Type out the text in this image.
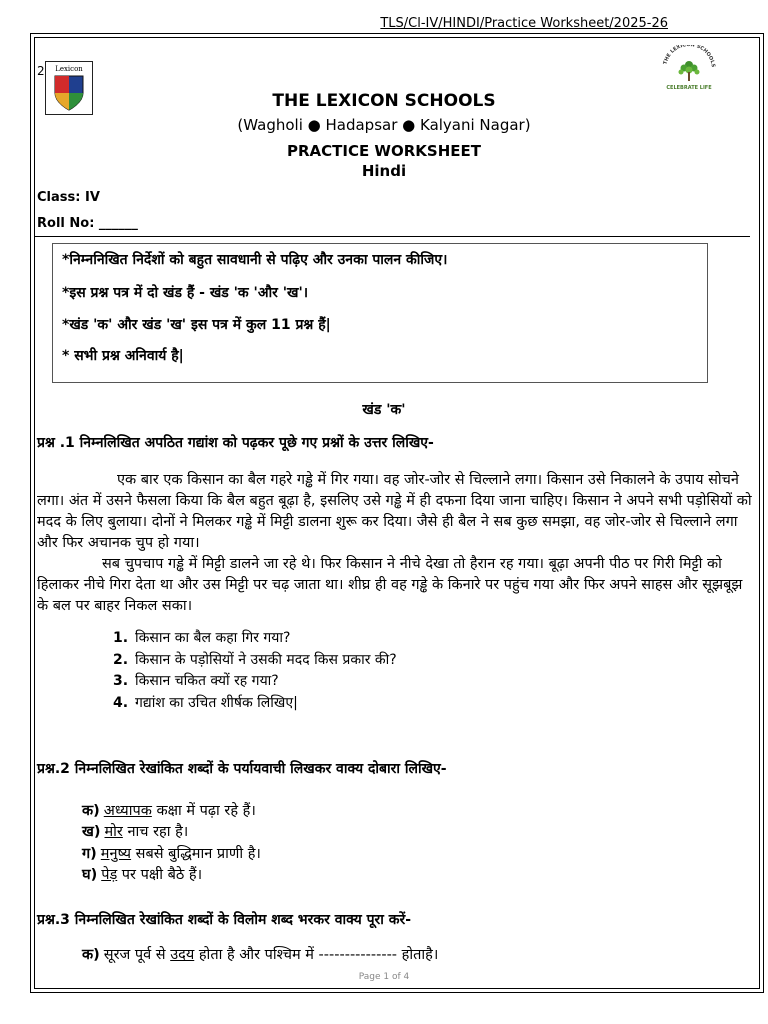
TLS/Cl-IV/HINDI/Practice Worksheet/2025-26
2	Lexicon
THE LEXICON SCHOOLS
CELEBRATE LIFE
THE LEXICON SCHOOLS
(Wagholi ● Hadapsar ● Kalyani Nagar)
PRACTICE WORKSHEET
Hindi
Class: IV
Roll No: ______
*निम्ननिखित निर्देशों को बहुत सावधानी से पढ़िए और उनका पालन कीजिए।
*इस प्रश्न पत्र में दो खंड हैं - खंड 'क 'और 'ख'।
*खंड 'क' और खंड 'ख' इस पत्र में कुल 11 प्रश्न हैं|
* सभी प्रश्न अनिवार्य है|
खंड 'क'
प्रश्न .1 निम्नलिखित अपठित गद्यांश को पढ़कर पूछे गए प्रश्नों के उत्तर लिखिए-

एक बार एक किसान का बैल गहरे गड्ढे में गिर गया। वह जोर-जोर से चिल्लाने लगा। किसान उसे निकालने के उपाय सोचने लगा। अंत में उसने फैसला किया कि बैल बहुत बूढ़ा है, इसलिए उसे गड्ढे में ही दफना दिया जाना चाहिए। किसान ने अपने सभी पड़ोसियों को मदद के लिए बुलाया। दोनों ने मिलकर गड्ढे में मिट्टी डालना शुरू कर दिया। जैसे ही बैल ने सब कुछ समझा, वह जोर-जोर से चिल्लाने लगा और फिर अचानक चुप हो गया।

सब चुपचाप गड्ढे में मिट्टी डालने जा रहे थे। फिर किसान ने नीचे देखा तो हैरान रह गया। बूढ़ा अपनी पीठ पर गिरी मिट्टी को हिलाकर नीचे गिरा देता था और उस मिट्टी पर चढ़ जाता था। शीघ्र ही वह गड्ढे के किनारे पर पहुंच गया और फिर अपने साहस और सूझबूझ के बल पर बाहर निकल सका।

1. किसान का बैल कहा गिर गया?
2. किसान के पड़ोसियों ने उसकी मदद किस प्रकार की?
3. किसान चकित क्यों रह गया?
4. गद्यांश का उचित शीर्षक लिखिए|
प्रश्न.2 निम्नलिखित रेखांकित शब्दों के पर्यायवाची लिखकर वाक्य दोबारा लिखिए-
क) अध्यापक कक्षा में पढ़ा रहे हैं।
ख) मोर नाच रहा है।
ग) मनुष्य सबसे बुद्धिमान प्राणी है।
घ) पेड़ पर पक्षी बैठे हैं।
प्रश्न.3 निम्नलिखित रेखांकित शब्दों के विलोम शब्द भरकर वाक्य पूरा करें-
क) सूरज पूर्व से उदय होता है और पश्चिम में --------------- होताहै।
Page 1 of 4
